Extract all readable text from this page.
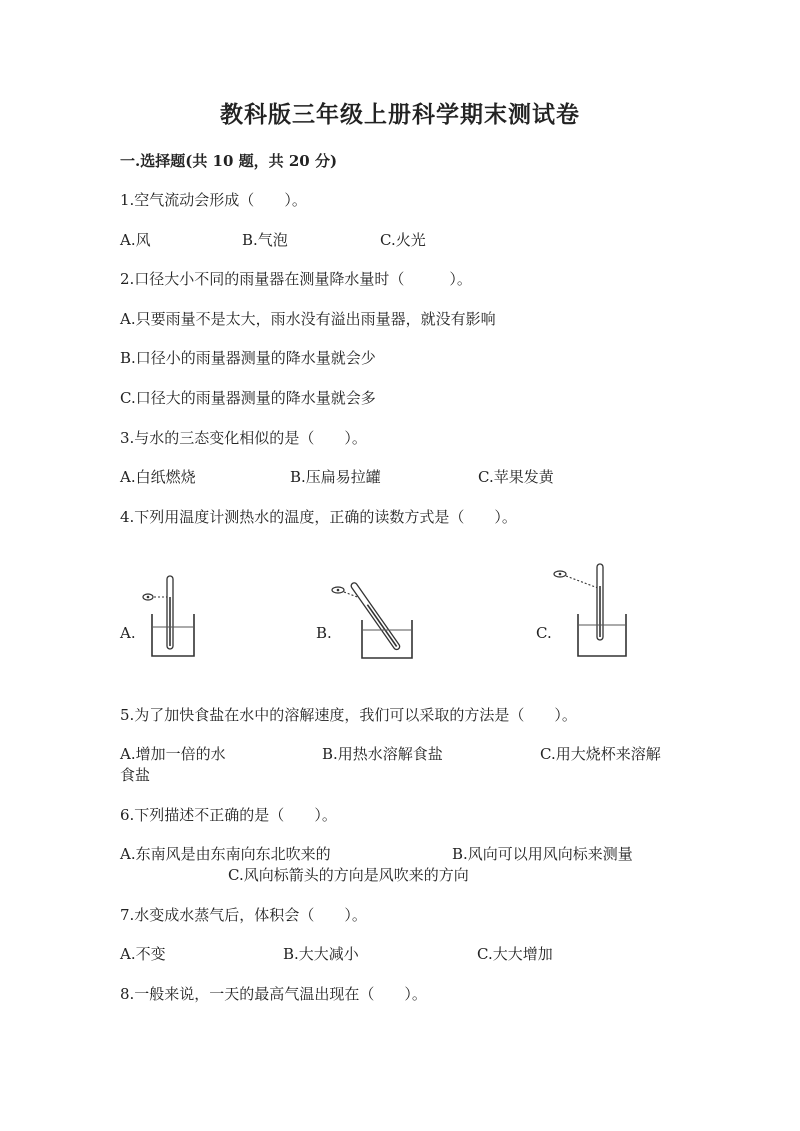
教科版三年级上册科学期末测试卷
一.选择题(共 10 题，共 20 分)
1.空气流动会形成（　　）。
A.风	B.气泡	C.火光
2.口径大小不同的雨量器在测量降水量时（　　　）。
A.只要雨量不是太大，雨水没有溢出雨量器，就没有影响
B.口径小的雨量器测量的降水量就会少
C.口径大的雨量器测量的降水量就会多
3.与水的三态变化相似的是（　　）。
A.白纸燃烧	B.压扁易拉罐	C.苹果发黄
4.下列用温度计测热水的温度，正确的读数方式是（　　）。
A.	B.	C.
5.为了加快食盐在水中的溶解速度，我们可以采取的方法是（　　）。
A.增加一倍的水	B.用热水溶解食盐	C.用大烧杯来溶解
食盐
6.下列描述不正确的是（　　）。
A.东南风是由东南向东北吹来的	B.风向可以用风向标来测量
C.风向标箭头的方向是风吹来的方向
7.水变成水蒸气后，体积会（　　）。
A.不变	B.大大减小	C.大大增加
8.一般来说，一天的最高气温出现在（　　）。
